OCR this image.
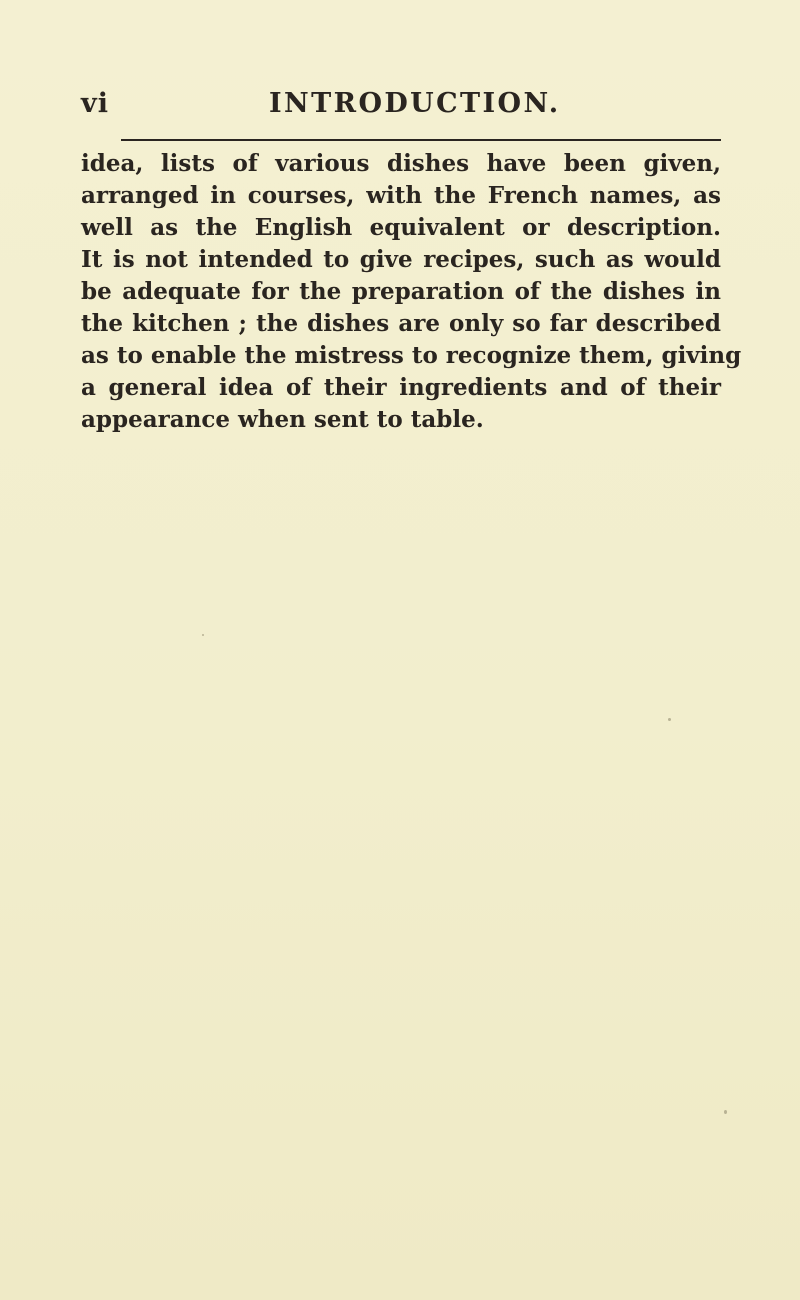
vi	INTRODUCTION.
idea, lists of various dishes have been given,
arranged in courses, with the French names, as
well as the English equivalent or description.
It is not intended to give recipes, such as would
be adequate for the preparation of the dishes in
the kitchen ; the dishes are only so far described
as to enable the mistress to recognize them, giving
a general idea of their ingredients and of their
appearance when sent to table.
